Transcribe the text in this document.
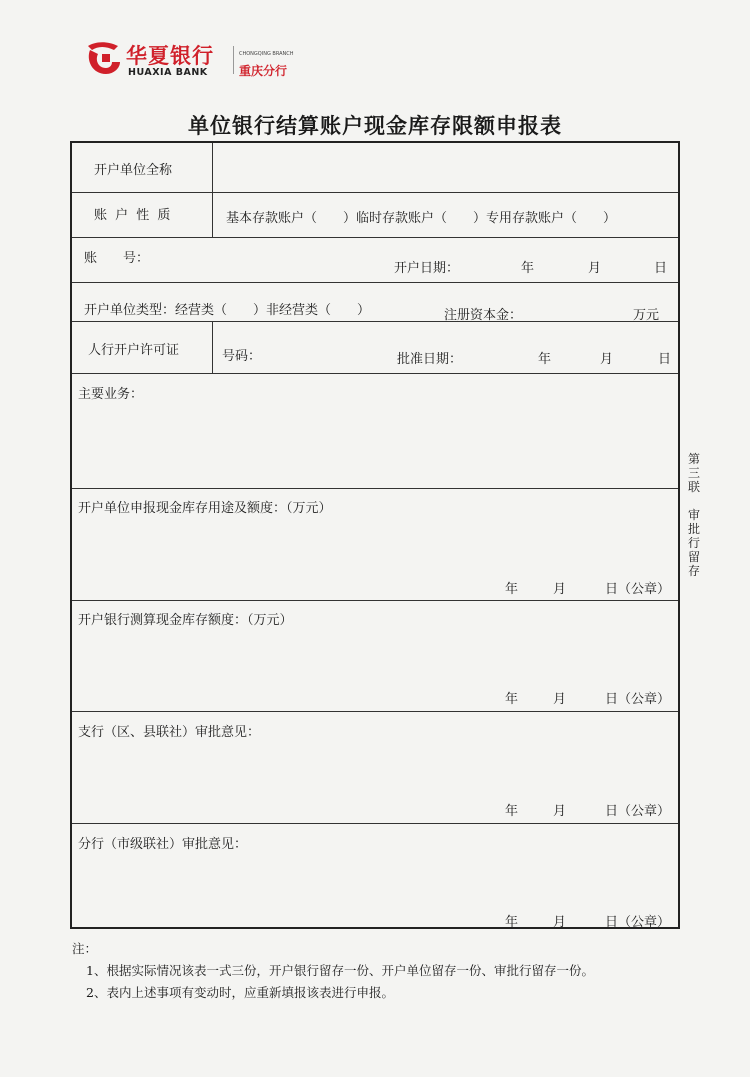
华夏银行
HUAXIA BANK
CHONGQING BRANCH
重庆分行
单位银行结算账户现金库存限额申报表
开户单位全称
账 户 性 质	基本存款账户（　　）临时存款账户（　　）专用存款账户（　　）
账　　号：
开户日期：	年	月	日
开户单位类型：经营类（　　）非经营类（　　）	注册资本金：	万元
人行开户许可证	号码：	批准日期：	年	月	日
主要业务：
开户单位申报现金库存用途及额度：（万元）
年	月	日（公章）
开户银行测算现金库存额度：（万元）
年	月	日（公章）
支行（区、县联社）审批意见：
年	月	日（公章）
分行（市级联社）审批意见：
年	月	日（公章）
第
三
联
审
批
行
留
存
注：
1、根据实际情况该表一式三份，开户银行留存一份、开户单位留存一份、审批行留存一份。
2、表内上述事项有变动时，应重新填报该表进行申报。
